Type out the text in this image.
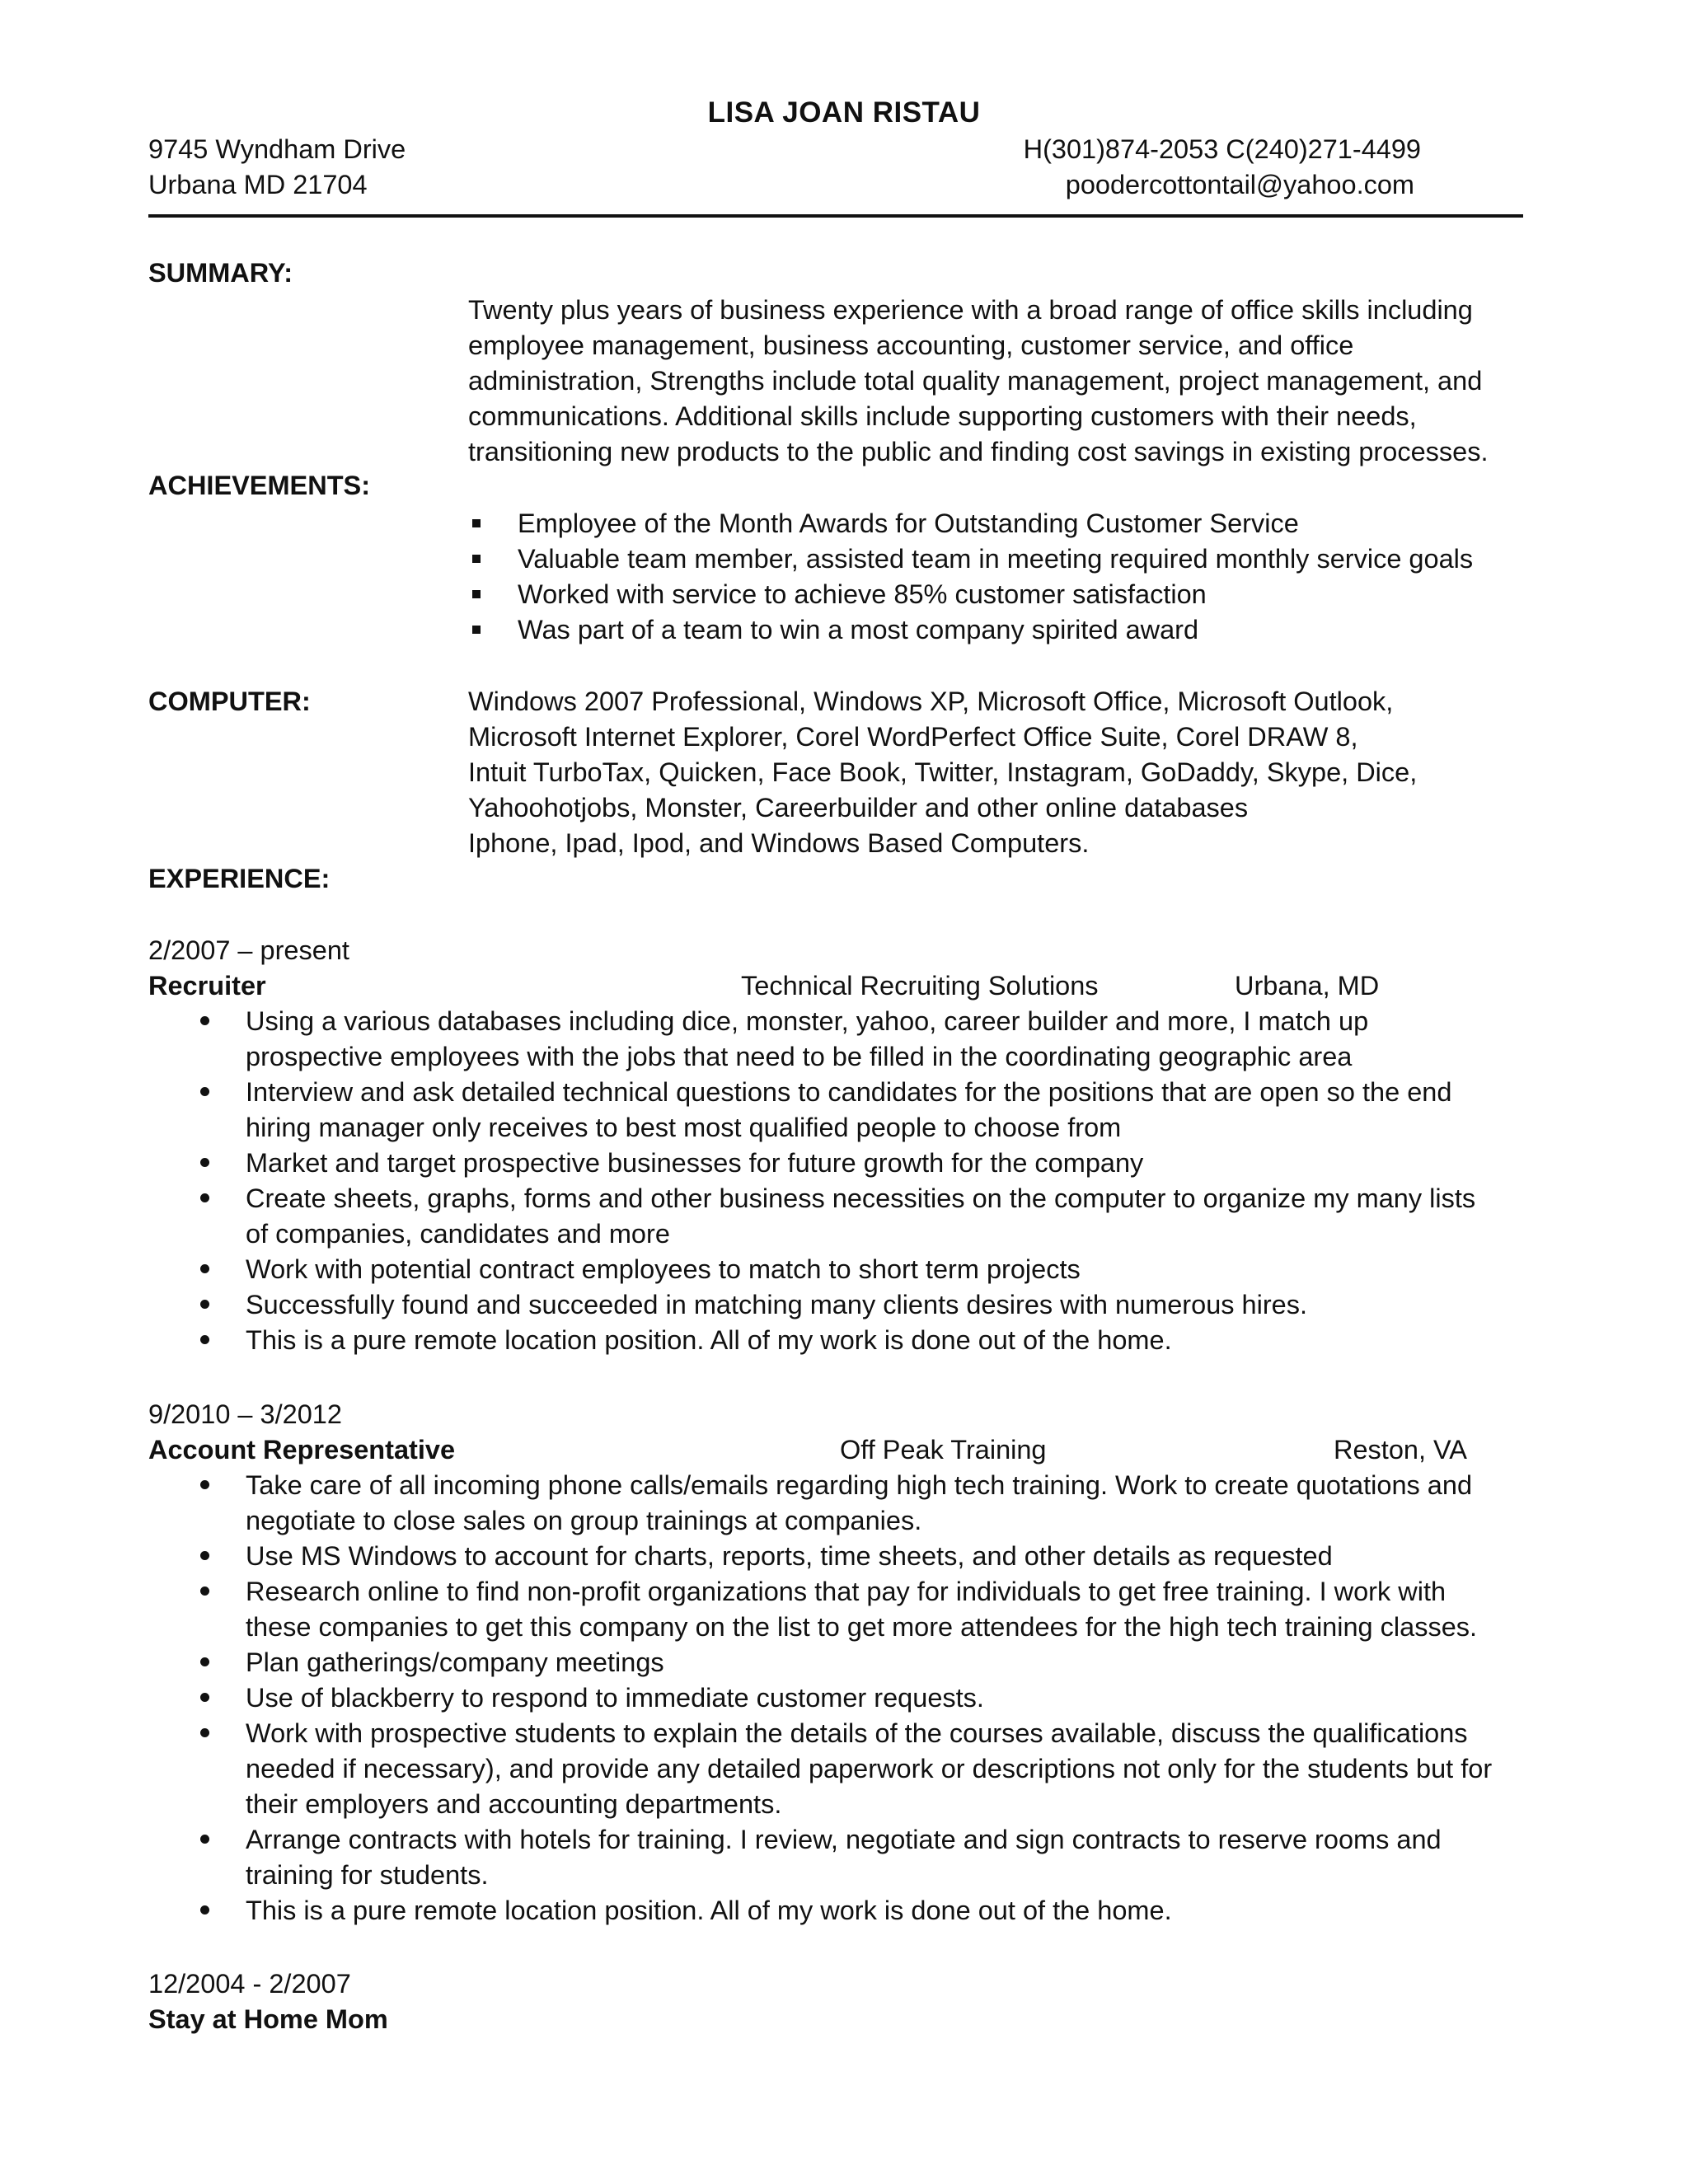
LISA JOAN RISTAU
9745 Wyndham Drive
Urbana MD 21704
H(301)874-2053 C(240)271-4499
poodercottontail@yahoo.com
SUMMARY:
Twenty plus years of business experience with a broad range of office skills including
employee management, business accounting, customer service, and office
administration, Strengths include total quality management, project management, and
communications. Additional skills include supporting customers with their needs,
transitioning new products to the public and finding cost savings in existing processes.
ACHIEVEMENTS:
Employee of the Month Awards for Outstanding Customer Service
Valuable team member, assisted team in meeting required monthly service goals
Worked with service to achieve 85% customer satisfaction
Was part of a team to win a most company spirited award
COMPUTER:	Windows 2007 Professional, Windows XP, Microsoft Office, Microsoft Outlook,
Microsoft Internet Explorer, Corel WordPerfect Office Suite, Corel DRAW 8,
Intuit TurboTax, Quicken, Face Book, Twitter, Instagram, GoDaddy, Skype, Dice,
Yahoohotjobs, Monster, Careerbuilder and other online databases
Iphone, Ipad, Ipod, and Windows Based Computers.
EXPERIENCE:
2/2007 – present
Recruiter	Technical Recruiting Solutions	Urbana, MD
Using a various databases including dice, monster, yahoo, career builder and more, I match up
prospective employees with the jobs that need to be filled in the coordinating geographic area
Interview and ask detailed technical questions to candidates for the positions that are open so the end
hiring manager only receives to best most qualified people to choose from
Market and target prospective businesses for future growth for the company
Create sheets, graphs, forms and other business necessities on the computer to organize my many lists
of companies, candidates and more
Work with potential contract employees to match to short term projects
Successfully found and succeeded in matching many clients desires with numerous hires.
This is a pure remote location position. All of my work is done out of the home.
9/2010 – 3/2012
Account Representative	Off Peak Training	Reston, VA
Take care of all incoming phone calls/emails regarding high tech training. Work to create quotations and
negotiate to close sales on group trainings at companies.
Use MS Windows to account for charts, reports, time sheets, and other details as requested
Research online to find non-profit organizations that pay for individuals to get free training. I work with
these companies to get this company on the list to get more attendees for the high tech training classes.
Plan gatherings/company meetings
Use of blackberry to respond to immediate customer requests.
Work with prospective students to explain the details of the courses available, discuss the qualifications
needed if necessary), and provide any detailed paperwork or descriptions not only for the students but for
their employers and accounting departments.
Arrange contracts with hotels for training. I review, negotiate and sign contracts to reserve rooms and
training for students.
This is a pure remote location position. All of my work is done out of the home.
12/2004 - 2/2007
Stay at Home Mom
